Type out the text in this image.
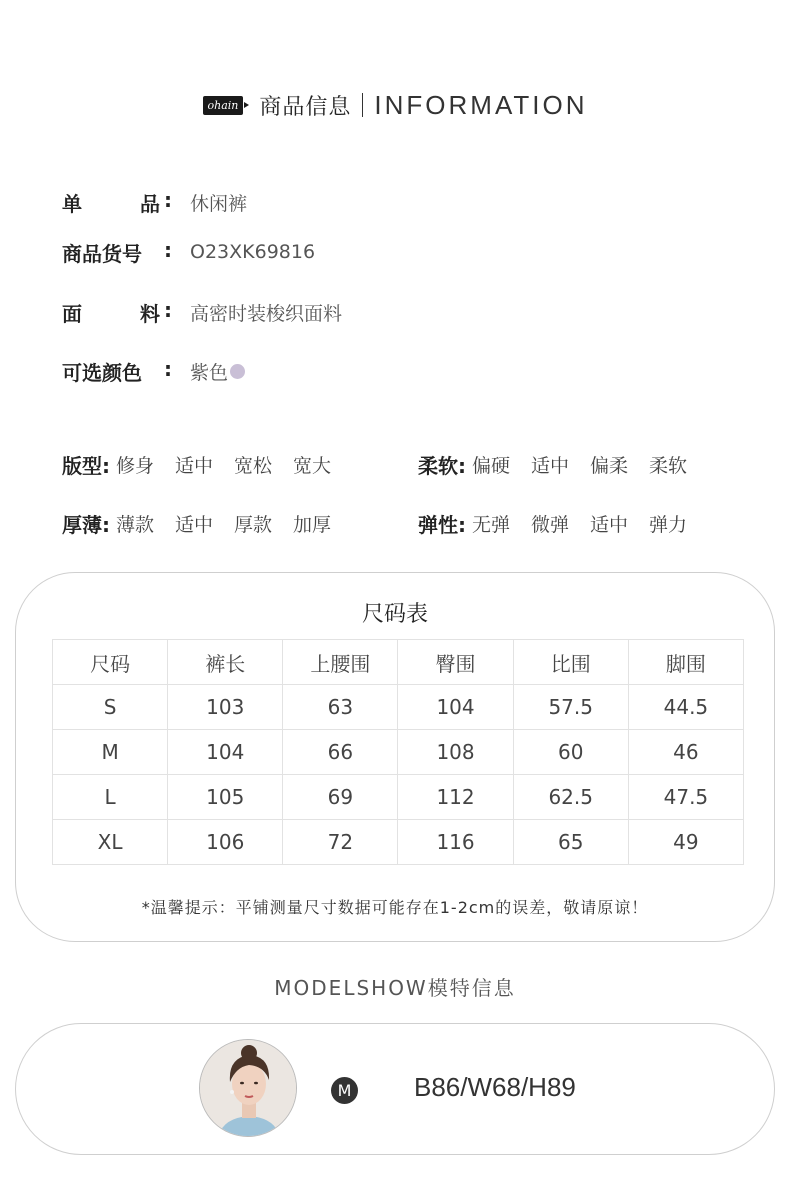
ohain 商品信息 INFORMATION
单	品 : 休闲裤
商品货号	: O23XK69816
面	料 : 高密时装梭织面料
可选颜色	: 紫色
版型: 修身	适中	宽松	宽大	柔软: 偏硬	适中	偏柔	柔软
厚薄: 薄款	适中	厚款	加厚	弹性: 无弹	微弹	适中	弹力
尺码表
尺码	裤长	上腰围	臀围	比围	脚围
S	103	63	104	57.5	44.5
M	104	66	108	60	46
L	105	69	112	62.5	47.5
XL	106	72	116	65	49
*温馨提示：平铺测量尺寸数据可能存在1-2cm的误差，敬请原谅！
MODELSHOW模特信息
M B86/W68/H89
